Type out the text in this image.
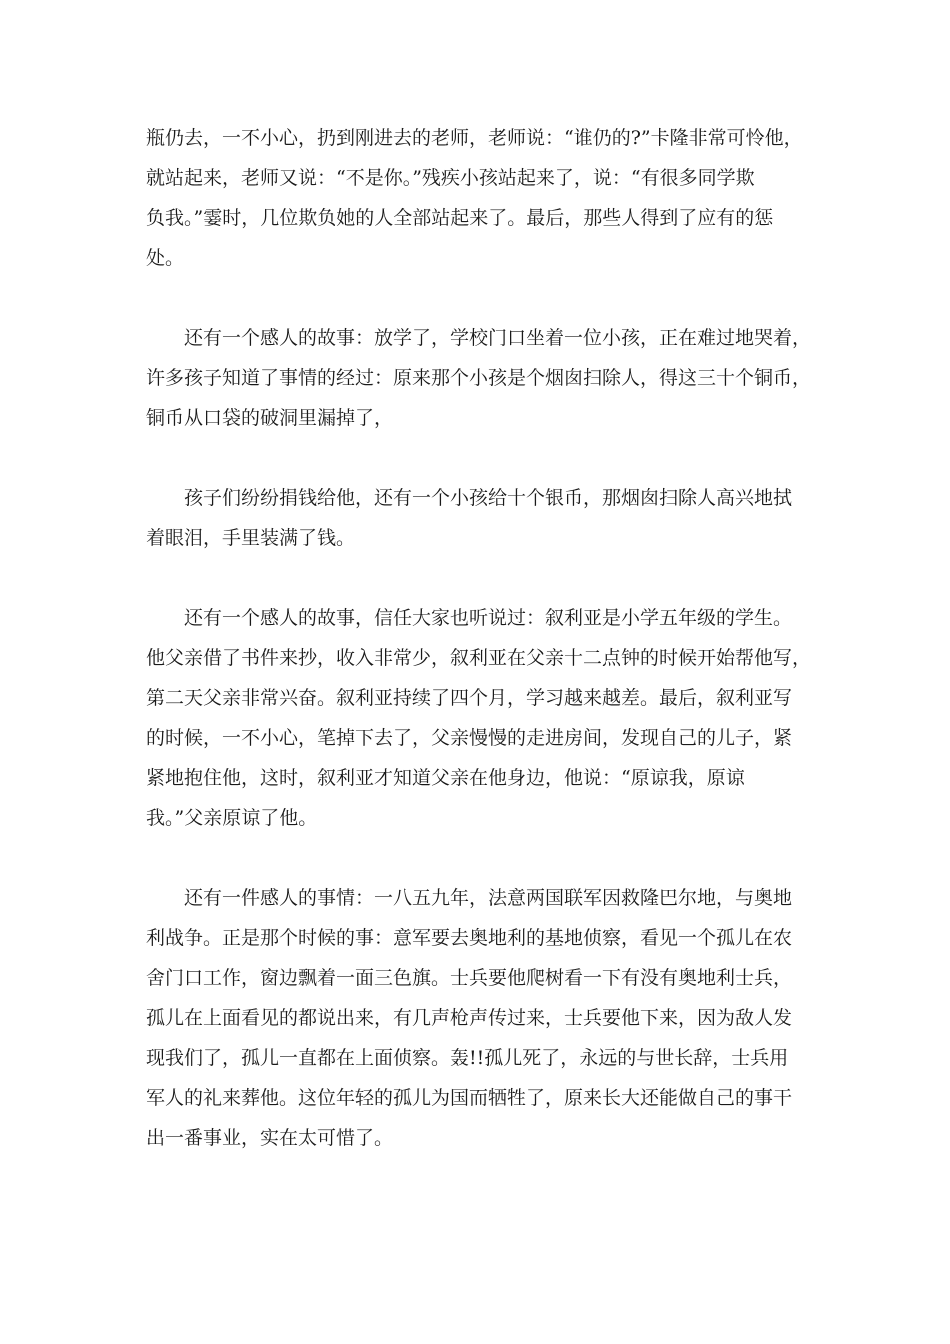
瓶仍去，一不小心，扔到刚进去的老师，老师说：“谁仍的?”卡隆非常可怜他，
就站起来，老师又说：“不是你。”残疾小孩站起来了，说：“有很多同学欺
负我。”霎时，几位欺负她的人全部站起来了。最后，那些人得到了应有的惩
处。
还有一个感人的故事：放学了，学校门口坐着一位小孩，正在难过地哭着，
许多孩子知道了事情的经过：原来那个小孩是个烟囱扫除人，得这三十个铜币，
铜币从口袋的破洞里漏掉了，
孩子们纷纷捐钱给他，还有一个小孩给十个银币，那烟囱扫除人高兴地拭
着眼泪，手里装满了钱。
还有一个感人的故事，信任大家也听说过：叙利亚是小学五年级的学生。
他父亲借了书件来抄，收入非常少，叙利亚在父亲十二点钟的时候开始帮他写，
第二天父亲非常兴奋。叙利亚持续了四个月，学习越来越差。最后，叙利亚写
的时候，一不小心，笔掉下去了，父亲慢慢的走进房间，发现自己的儿子，紧
紧地抱住他，这时，叙利亚才知道父亲在他身边，他说：“原谅我，原谅
我。”父亲原谅了他。
还有一件感人的事情：一八五九年，法意两国联军因救隆巴尔地，与奥地
利战争。正是那个时候的事：意军要去奥地利的基地侦察，看见一个孤儿在农
舍门口工作，窗边飘着一面三色旗。士兵要他爬树看一下有没有奥地利士兵，
孤儿在上面看见的都说出来，有几声枪声传过来，士兵要他下来，因为敌人发
现我们了，孤儿一直都在上面侦察。轰!!孤儿死了，永远的与世长辞，士兵用
军人的礼来葬他。这位年轻的孤儿为国而牺牲了，原来长大还能做自己的事干
出一番事业，实在太可惜了。
